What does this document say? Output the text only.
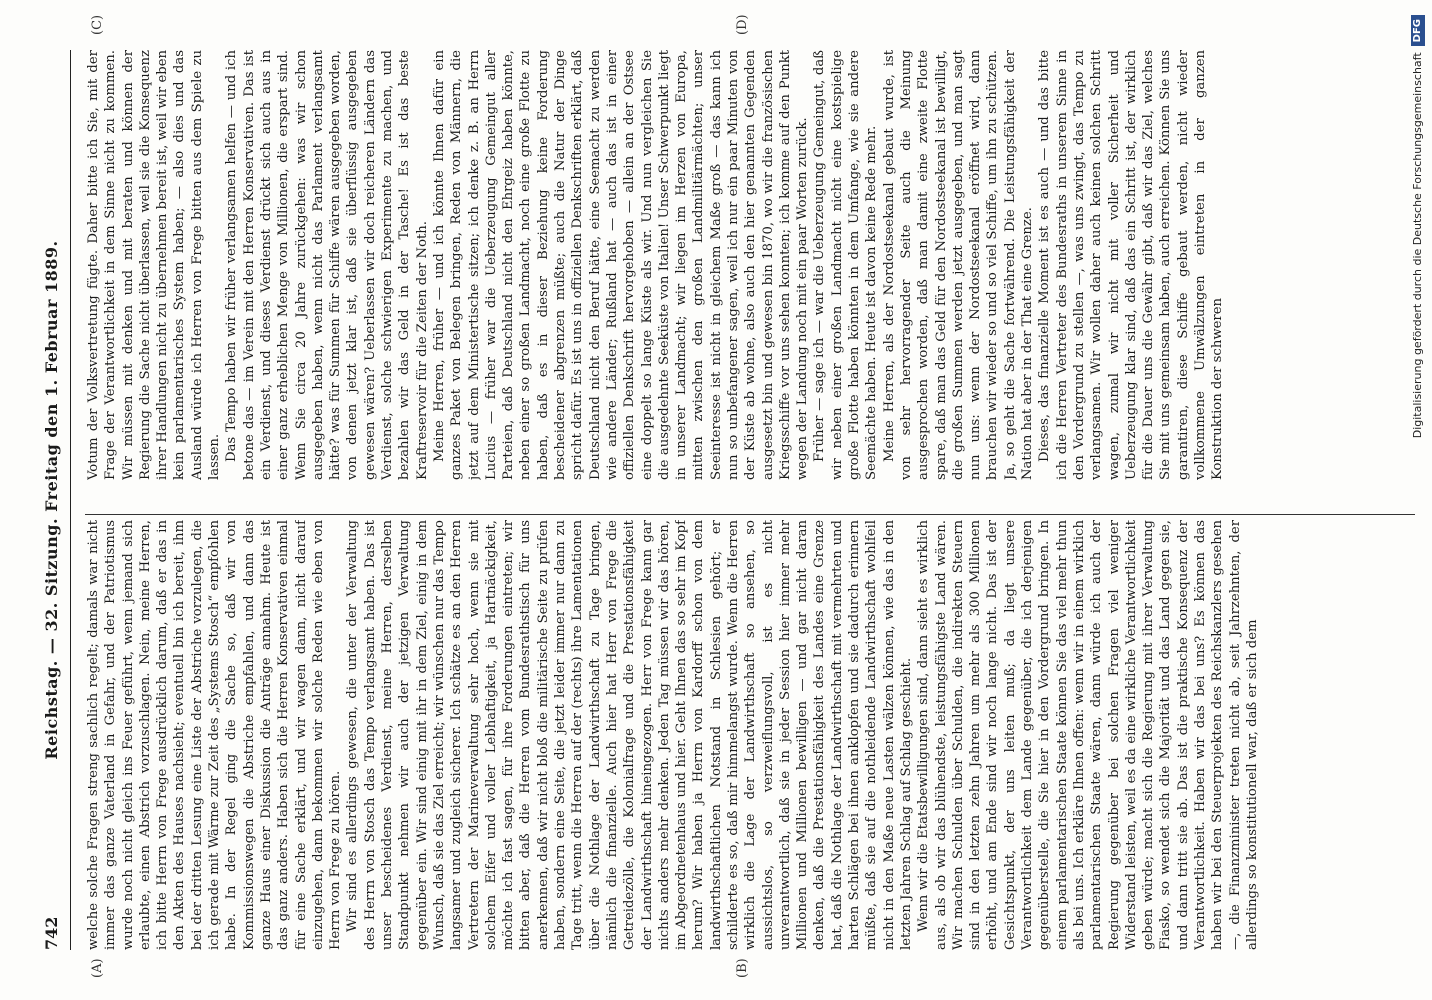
742
Reichstag. — 32. Sitzung. Freitag den 1. Februar 1889.
(A)	(B)
(C)	(D)

welche solche Fragen streng sachlich regelt; damals war nicht immer das ganze Vaterland in Gefahr, und der Patriotismus wurde noch nicht gleich ins Feuer geführt, wenn jemand sich erlaubte, einen Abstrich vorzuschlagen. Nein, meine Herren, ich bitte Herrn von Frege ausdrücklich darum, daß er das in den Akten des Hauses nachsieht; eventuell bin ich bereit, ihm bei der dritten Lesung eine Liste der Abstriche vorzulegen, die ich gerade mit Wärme zur Zeit des „Systems Stosch“ empfohlen habe. In der Regel ging die Sache so, daß wir von Kommissionswegen die Abstriche empfahlen, und dann das ganze Haus einer Diskussion die Anträge annahm. Heute ist das ganz anders. Haben sich die Herren Konservativen einmal für eine Sache erklärt, und wir wagen dann, nicht darauf einzugehen, dann bekommen wir solche Reden wie eben von Herrn von Frege zu hören. Wir sind es allerdings gewesen, die unter der Verwaltung des Herrn von Stosch das Tempo verlangsamt haben. Das ist unser bescheidenes Verdienst, meine Herren, derselben Standpunkt nehmen wir auch der jetzigen Verwaltung gegenüber ein. Wir sind einig mit ihr in dem Ziel, einig in dem Wunsch, daß sie das Ziel erreicht; wir wünschen nur das Tempo langsamer und zugleich sicherer. Ich schätze es an den Herren Vertretern der Marineverwaltung sehr hoch, wenn sie mit solchem Eifer und voller Lebhaftigkeit, ja Hartnäckigkeit, möchte ich fast sagen, für ihre Forderungen eintreten; wir bitten aber, daß die Herren vom Bundesrathstisch für uns anerkennen, daß wir nicht bloß die militärische Seite zu prüfen haben, sondern eine Seite, die jetzt leider immer nur dann zu Tage tritt, wenn die Herren auf der (rechts) ihre Lamentationen über die Nothlage der Landwirthschaft zu Tage bringen, nämlich die finanzielle. Auch hier hat Herr von Frege die Getreidezölle, die Kolonialfrage und die Prestationsfähigkeit der Landwirthschaft hineingezogen. Herr von Frege kann gar nichts anders mehr denken. Jeden Tag müssen wir das hören, im Abgeordnetenhaus und hier. Geht Ihnen das so sehr im Kopf herum? Wir haben ja Herrn von Kardorff schon von dem landwirthschaftlichen Notstand in Schlesien gehört; er schilderte es so, daß mir himmelangst wurde. Wenn die Herren wirklich die Lage der Landwirthschaft so ansehen, so aussichtslos, so verzweiflungsvoll, ist es nicht unverantwortlich, daß sie in jeder Session hier immer mehr Millionen und Millionen bewilligen — und gar nicht daran denken, daß die Prestationsfähigkeit des Landes eine Grenze hat, daß die Nothlage der Landwirthschaft mit vermehrten und harten Schlägen bei ihnen anklopfen und sie dadurch erinnern müßte, daß sie auf die nothleidende Landwirthschaft wohlfeil nicht in den Maße neue Lasten wälzen können, wie das in den letzten Jahren Schlag auf Schlag geschieht. Wenn wir die Etatsbewilligungen sind, dann sieht es wirklich aus, als ob wir das blühendste, leistungsfähigste Land wären. Wir machen Schulden über Schulden, die indirekten Steuern sind in den letzten zehn Jahren um mehr als 300 Millionen erhöht, und am Ende sind wir noch lange nicht. Das ist der Gesichtspunkt, der uns leiten muß; da liegt unsere Verantwortlichkeit dem Lande gegenüber, die ich derjenigen gegenüberstelle, die Sie hier in den Vordergrund bringen. In einem parlamentarischen Staate können Sie das viel mehr thun als bei uns. Ich erkläre Ihnen offen: wenn wir in einem wirklich parlamentarischen Staate wären, dann würde ich auch der Regierung gegenüber bei solchen Fragen viel weniger Widerstand leisten, weil es da eine wirkliche Verantwortlichkeit geben würde; macht sich die Regierung mit ihrer Verwaltung Fiasko, so wendet sich die Majorität und das Land gegen sie, und dann tritt sie ab. Das ist die praktische Konsequenz der Verantwortlichkeit. Haben wir das bei uns? Es können das haben wir bei den Steuerprojekten des Reichskanzlers gesehen —, die Finanzminister treten nicht ab, seit Jahrzehnten, der allerdings so konstitutionell war, daß er sich dem

Votum der Volksvertretung fügte. Daher bitte ich Sie, mit der Frage der Verantwortlichkeit in dem Sinne nicht zu kommen. Wir müssen mit denken und mit beraten und können der Regierung die Sache nicht überlassen, weil sie die Konsequenz ihrer Handlungen nicht zu übernehmen bereit ist, weil wir eben kein parlamentarisches System haben; — also dies und das Ausland würde ich Herren von Frege bitten aus dem Spiele zu lassen. Das Tempo haben wir früher verlangsamen helfen — und ich betone das — im Verein mit den Herren Konservativen. Das ist ein Verdienst, und dieses Verdienst drückt sich auch aus in einer ganz erheblichen Menge von Millionen, die erspart sind. Wenn Sie circa 20 Jahre zurückgehen: was wir schon ausgegeben haben, wenn nicht das Parlament verlangsamt hätte? was für Summen für Schiffe wären ausgegeben worden, von denen jetzt klar ist, daß sie überflüssig ausgegeben gewesen wären? Ueberlassen wir doch reicheren Ländern das Verdienst, solche schwierigen Experimente zu machen, und bezahlen wir das Geld in der Tasche! Es ist das beste Kraftreservoir für die Zeiten der Noth. Meine Herren, früher — und ich könnte Ihnen dafür ein ganzes Paket von Belegen bringen, Reden von Männern, die jetzt auf dem Ministertische sitzen; ich denke z. B. an Herrn Lucius — früher war die Ueberzeugung Gemeingut aller Parteien, daß Deutschland nicht den Ehrgeiz haben könnte, neben einer so großen Landmacht, noch eine große Flotte zu haben, daß es in dieser Beziehung keine Forderung bescheidener abgrenzen müßte; auch die Natur der Dinge spricht dafür. Es ist uns in offiziellen Denkschriften erklärt, daß Deutschland nicht den Beruf hätte, eine Seemacht zu werden wie andere Länder; Rußland hat — auch das ist in einer offiziellen Denkschrift hervorgehoben — allein an der Ostsee eine doppelt so lange Küste als wir. Und nun vergleichen Sie die ausgedehnte Seeküste von Italien! Unser Schwerpunkt liegt in unserer Landmacht; wir liegen im Herzen von Europa, mitten zwischen den großen Landmilitärmächten; unser Seeinteresse ist nicht in gleichem Maße groß — das kann ich nun so unbefangener sagen, weil ich nur ein paar Minuten von der Küste ab wohne, also auch den hier genannten Gegenden ausgesetzt bin und gewesen bin 1870, wo wir die französischen Kriegsschiffe vor uns sehen konnten; ich komme auf den Punkt wegen der Landung noch mit ein paar Worten zurück. Früher — sage ich — war die Ueberzeugung Gemeingut, daß wir neben einer großen Landmacht nicht eine kostspielige große Flotte haben könnten in dem Umfange, wie sie andere Seemächte haben. Heute ist davon keine Rede mehr. Meine Herren, als der Nordostseekanal gebaut wurde, ist von sehr hervorragender Seite auch die Meinung ausgesprochen worden, daß man damit eine zweite Flotte spare, daß man das Geld für den Nordostseekanal ist bewilligt, die großen Summen werden jetzt ausgegeben, und man sagt nun uns: wenn der Nordostseekanal eröffnet wird, dann brauchen wir wieder so und so viel Schiffe, um ihn zu schützen. Ja, so geht die Sache fortwährend. Die Leistungsfähigkeit der Nation hat aber in der That eine Grenze. Dieses, das finanzielle Moment ist es auch — und das bitte ich die Herren Vertreter des Bundesraths in unserem Sinne in den Vordergrund zu stellen —, was uns zwingt, das Tempo zu verlangsamen. Wir wollen daher auch keinen solchen Schritt wagen, zumal wir nicht mit voller Sicherheit und Ueberzeugung klar sind, daß das ein Schritt ist, der wirklich für die Dauer uns die Gewähr gibt, daß wir das Ziel, welches Sie mit uns gemeinsam haben, auch erreichen. Können Sie uns garantiren, diese Schiffe gebaut werden, nicht wieder vollkommene Umwälzungen eintreten in der ganzen Konstruktion der schweren	Digitalisierung gefördert durch die Deutsche ForschungsgemeinschaftDFG
